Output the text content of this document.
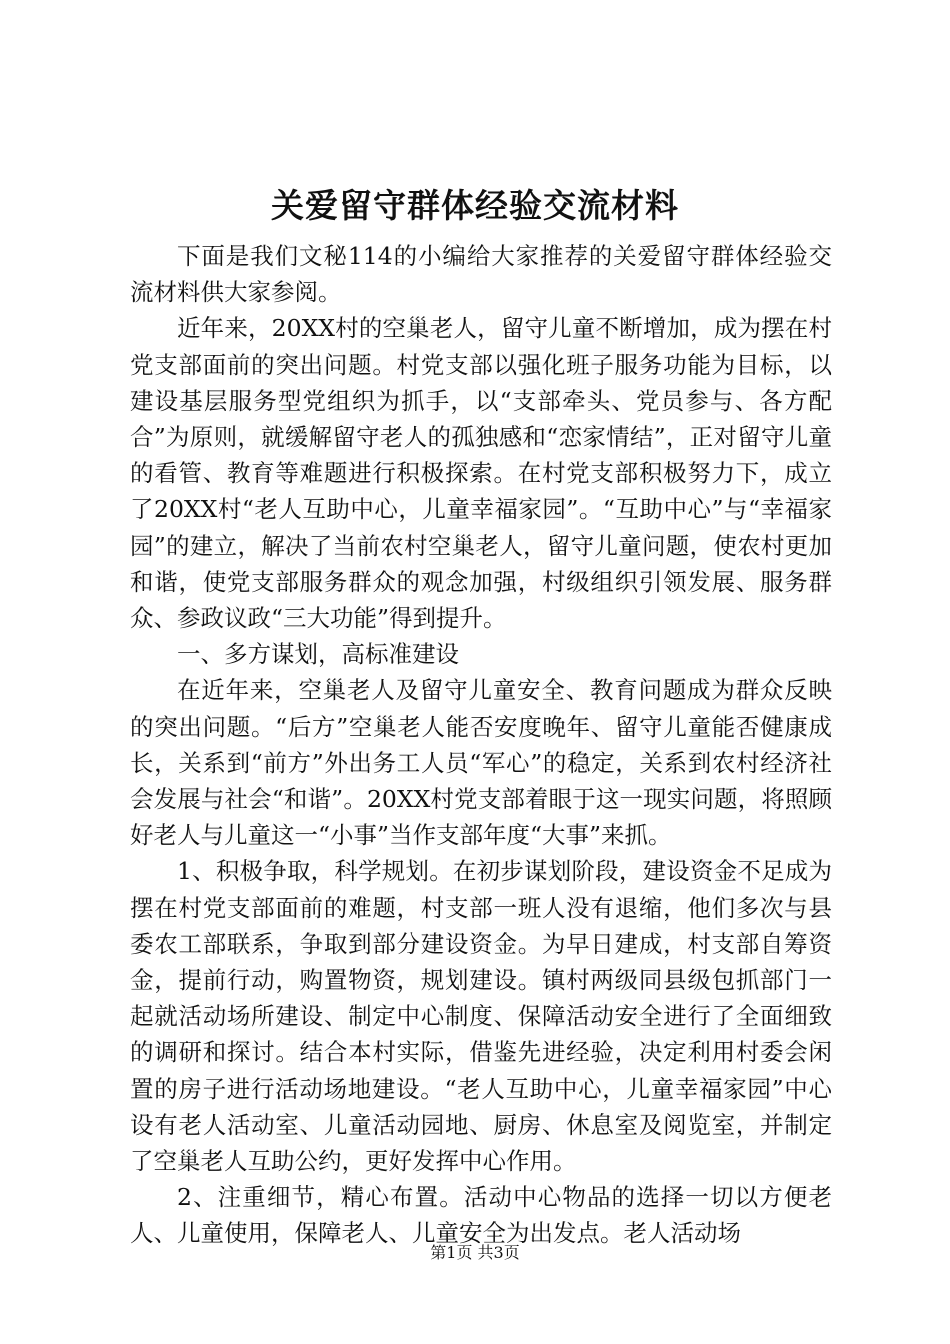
关爱留守群体经验交流材料

下面是我们文秘114的小编给大家推荐的关爱留守群体经验交流材料供大家参阅。

近年来，20XX村的空巢老人，留守儿童不断增加，成为摆在村党支部面前的突出问题。村党支部以强化班子服务功能为目标，以建设基层服务型党组织为抓手，以“支部牵头、党员参与、各方配合”为原则，就缓解留守老人的孤独感和“恋家情结”，正对留守儿童的看管、教育等难题进行积极探索。在村党支部积极努力下，成立了20XX村“老人互助中心，儿童幸福家园”。“互助中心”与“幸福家园”的建立，解决了当前农村空巢老人，留守儿童问题，使农村更加和谐，使党支部服务群众的观念加强，村级组织引领发展、服务群众、参政议政“三大功能”得到提升。

一、多方谋划，高标准建设

在近年来，空巢老人及留守儿童安全、教育问题成为群众反映的突出问题。“后方”空巢老人能否安度晚年、留守儿童能否健康成长，关系到“前方”外出务工人员“军心”的稳定，关系到农村经济社会发展与社会“和谐”。20XX村党支部着眼于这一现实问题，将照顾好老人与儿童这一“小事”当作支部年度“大事”来抓。

1、积极争取，科学规划。在初步谋划阶段，建设资金不足成为摆在村党支部面前的难题，村支部一班人没有退缩，他们多次与县委农工部联系，争取到部分建设资金。为早日建成，村支部自筹资金，提前行动，购置物资，规划建设。镇村两级同县级包抓部门一起就活动场所建设、制定中心制度、保障活动安全进行了全面细致的调研和探讨。结合本村实际，借鉴先进经验，决定利用村委会闲置的房子进行活动场地建设。“老人互助中心，儿童幸福家园”中心设有老人活动室、儿童活动园地、厨房、休息室及阅览室，并制定了空巢老人互助公约，更好发挥中心作用。

2、注重细节，精心布置。活动中心物品的选择一切以方便老人、儿童使用，保障老人、儿童安全为出发点。老人活动场

第1页 共3页
